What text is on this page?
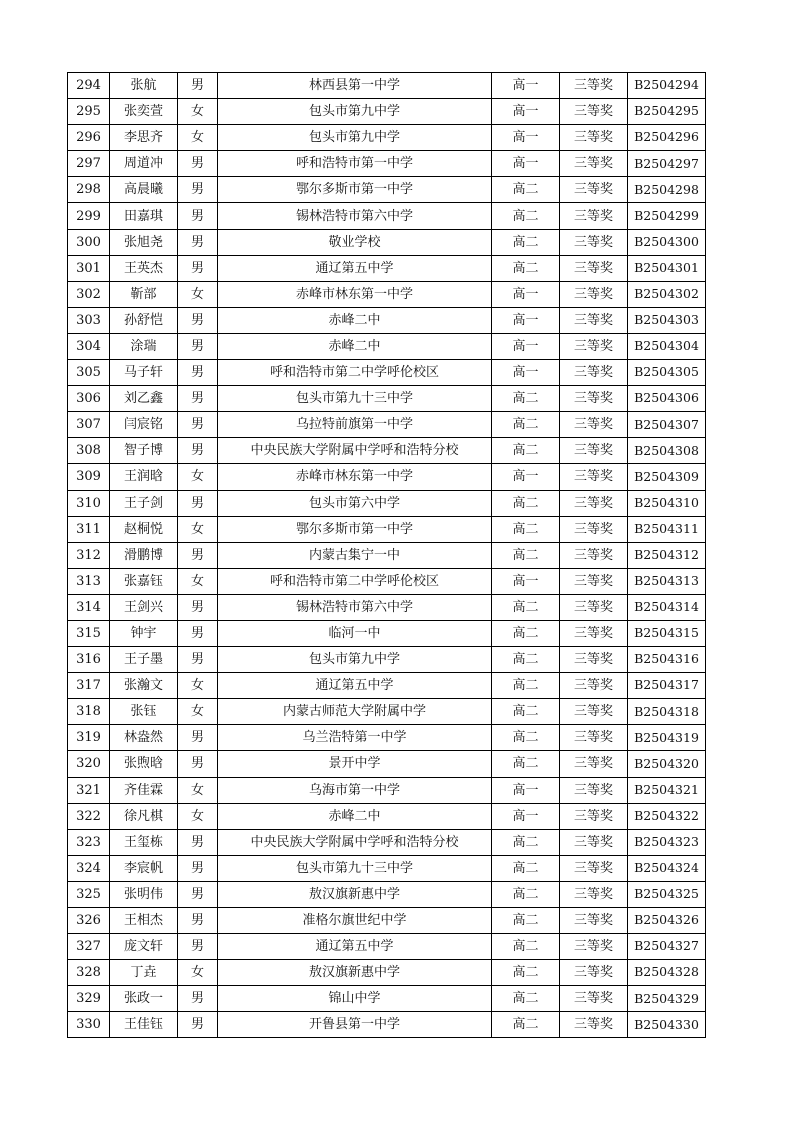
294	张航	男	林西县第一中学	高一	三等奖	B2504294
295	张奕萱	女	包头市第九中学	高一	三等奖	B2504295
296	李思齐	女	包头市第九中学	高一	三等奖	B2504296
297	周道冲	男	呼和浩特市第一中学	高一	三等奖	B2504297
298	高晨曦	男	鄂尔多斯市第一中学	高二	三等奖	B2504298
299	田嘉琪	男	锡林浩特市第六中学	高二	三等奖	B2504299
300	张旭尧	男	敬业学校	高二	三等奖	B2504300
301	王英杰	男	通辽第五中学	高二	三等奖	B2504301
302	靳部	女	赤峰市林东第一中学	高一	三等奖	B2504302
303	孙舒恺	男	赤峰二中	高一	三等奖	B2504303
304	涂瑞	男	赤峰二中	高一	三等奖	B2504304
305	马子轩	男	呼和浩特市第二中学呼伦校区	高一	三等奖	B2504305
306	刘乙鑫	男	包头市第九十三中学	高二	三等奖	B2504306
307	闫宸铭	男	乌拉特前旗第一中学	高二	三等奖	B2504307
308	智子博	男	中央民族大学附属中学呼和浩特分校	高二	三等奖	B2504308
309	王润晗	女	赤峰市林东第一中学	高一	三等奖	B2504309
310	王子剑	男	包头市第六中学	高二	三等奖	B2504310
311	赵桐悦	女	鄂尔多斯市第一中学	高二	三等奖	B2504311
312	滑鹏博	男	内蒙古集宁一中	高二	三等奖	B2504312
313	张嘉钰	女	呼和浩特市第二中学呼伦校区	高一	三等奖	B2504313
314	王剑兴	男	锡林浩特市第六中学	高二	三等奖	B2504314
315	钟宇	男	临河一中	高二	三等奖	B2504315
316	王子墨	男	包头市第九中学	高二	三等奖	B2504316
317	张瀚文	女	通辽第五中学	高二	三等奖	B2504317
318	张钰	女	内蒙古师范大学附属中学	高二	三等奖	B2504318
319	林盎然	男	乌兰浩特第一中学	高二	三等奖	B2504319
320	张煦晗	男	景开中学	高二	三等奖	B2504320
321	齐佳霖	女	乌海市第一中学	高一	三等奖	B2504321
322	徐凡棋	女	赤峰二中	高一	三等奖	B2504322
323	王玺栋	男	中央民族大学附属中学呼和浩特分校	高二	三等奖	B2504323
324	李宸帆	男	包头市第九十三中学	高二	三等奖	B2504324
325	张明伟	男	敖汉旗新惠中学	高二	三等奖	B2504325
326	王相杰	男	准格尔旗世纪中学	高二	三等奖	B2504326
327	庞文轩	男	通辽第五中学	高二	三等奖	B2504327
328	丁垚	女	敖汉旗新惠中学	高二	三等奖	B2504328
329	张政一	男	锦山中学	高二	三等奖	B2504329
330	王佳钰	男	开鲁县第一中学	高二	三等奖	B2504330
